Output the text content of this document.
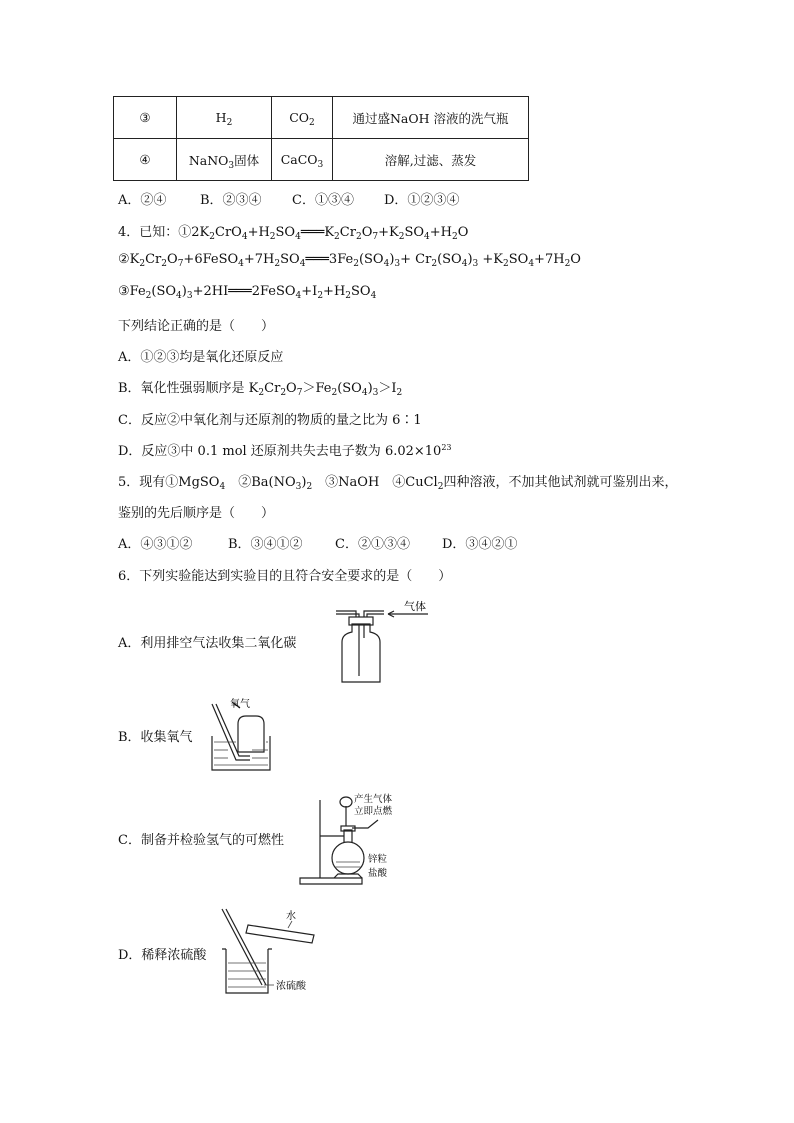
③	$H_2$	$CO_2$	通过盛NaOH 溶液的洗气瓶
④	NaNO$_3$固体	CaCO$_3$	溶解,过滤、蒸发
A．②④	B．②③④ C．①③④ D．①②③④
4．已知：$①2K_2CrO_4+H_2SO_4═══K_2Cr_2O_7+K_2SO_4+H_2O$
$②K_2Cr_2O_7+6FeSO_4+7H_2SO_4═══3Fe_2(SO_4)_3+ Cr_2(SO_4)_3 +K_2SO_4+7H_2O$
$③Fe_2(SO_4)_3+2HI═══2FeSO_4+I_2+H_2SO_4$
下列结论正确的是（　　）
A．①②③均是氧化还原反应
B．氧化性强弱顺序是 $K_2Cr_2O_7>Fe_2(SO_4)_3>I_2$
C．反应②中氧化剂与还原剂的物质的量之比为 6∶1
D．反应③中 0.1 mol 还原剂共失去电子数为 $6.02\times 10^{23}$
5．现有①MgSO$_4$　$②Ba(NO_3)_2$　③NaOH　④CuCl$_2$四种溶液，不加其他试剂就可鉴别出来，
鉴别的先后顺序是（　　）
A．④③①②	B．③④①② C．②①③④ D．③④②①
6．下列实验能达到实验目的且符合安全要求的是（　　）
A．利用排空气法收集二氧化碳
B．收集氧气
C．制备并检验氢气的可燃性
D．稀释浓硫酸
气体
氧气
产生气体
立即点燃
锌粒
盐酸
水
浓硫酸
